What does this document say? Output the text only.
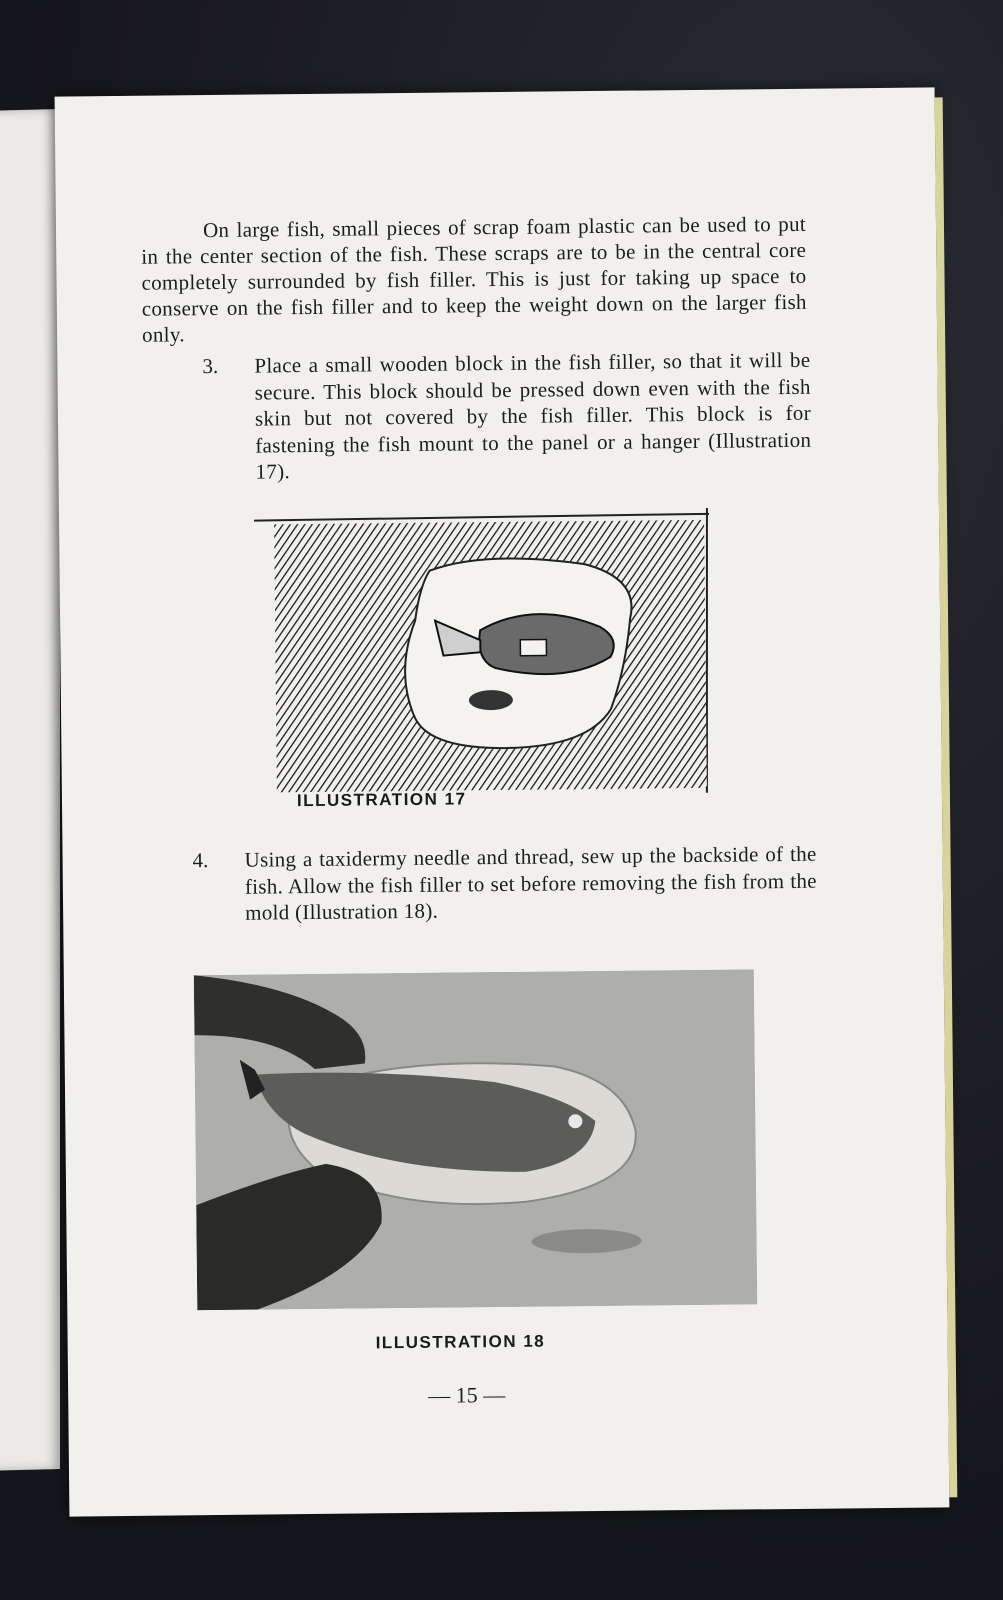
On large fish, small pieces of scrap foam plastic can be used to put in the center section of the fish. These scraps are to be in the central core completely surrounded by fish filler. This is just for taking up space to conserve on the fish filler and to keep the weight down on the larger fish only.
3. Place a small wooden block in the fish filler, so that it will be secure. This block should be pressed down even with the fish skin but not covered by the fish filler. This block is for fastening the fish mount to the panel or a hanger (Illustration 17).
ILLUSTRATION 17
4. Using a taxidermy needle and thread, sew up the backside of the fish. Allow the fish filler to set before removing the fish from the mold (Illustration 18).
ILLUSTRATION 18
— 15 —
